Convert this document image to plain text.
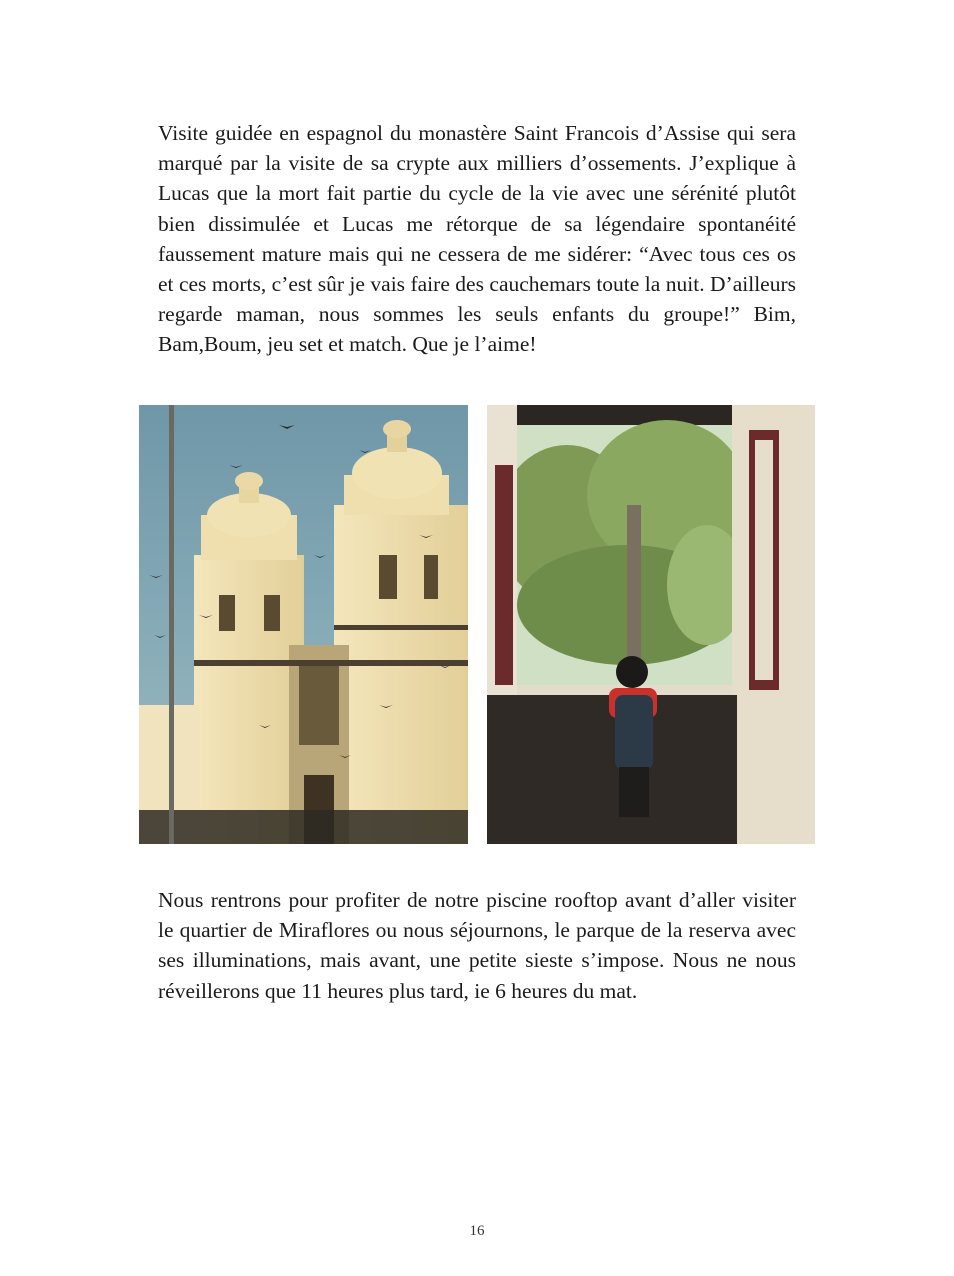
Visite guidée en espagnol du monastère Saint Francois d’Assise qui sera marqué par la visite de sa crypte aux milliers d’ossements. J’explique à Lucas que la mort fait partie du cycle de la vie avec une sérénité plutôt bien dissimulée et Lucas me rétorque de sa légendaire spontanéité faussement mature mais qui ne cessera de me sidérer: “Avec tous ces os et ces morts, c’est sûr je vais faire des cauchemars toute la nuit. D’ailleurs regarde maman, nous sommes les seuls enfants du groupe!” Bim, Bam,Boum, jeu set et match. Que je l’aime!

Nous rentrons pour profiter de notre piscine rooftop avant d’aller visiter le quartier de Miraflores ou nous séjournons, le parque de la reserva avec ses illuminations, mais avant, une petite sieste s’impose. Nous ne nous réveillerons que 11 heures plus tard, ie 6 heures du mat.

16
